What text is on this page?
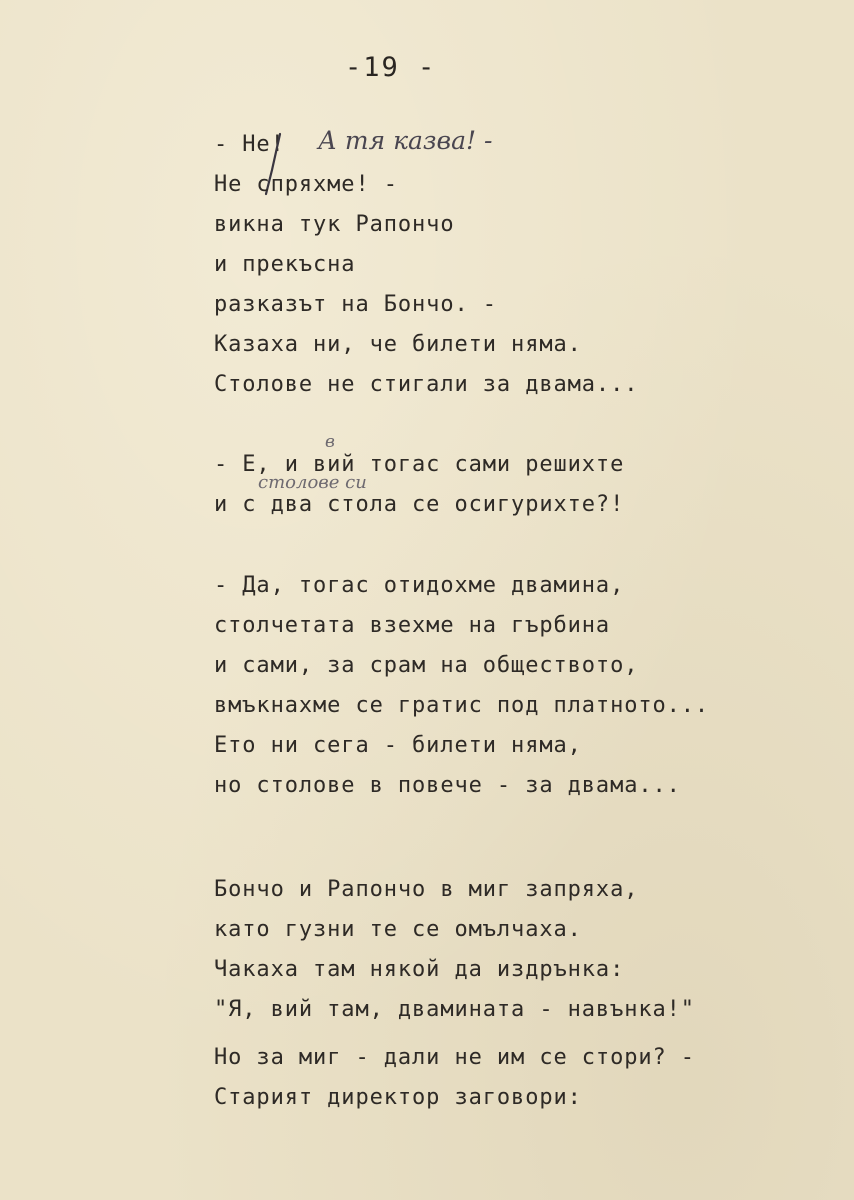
-19 -
- Не! А тя казва! -
Не спряхме! -
викна тук Рапончо
и прекъсна
разказът на Бончо. -
Казаха ни, че билети няма.
Столове не стигали за двама...
в
- Е, и вий тогас сами решихте
столове си
и с два стола се осигурихте?!
- Да, тогас отидохме двамина,
столчетата взехме на гърбина
и сами, за срам на обществото,
вмъкнахме се гратис под платното...
Ето ни сега - билети няма,
но столове в повече - за двама...
Бончо и Рапончо в миг запряха,
като гузни те се омълчаха.
Чакаха там някой да издрънка:
"Я, вий там, двамината - навънка!"
Но за миг - дали не им се стори? -
Старият директор заговори:
